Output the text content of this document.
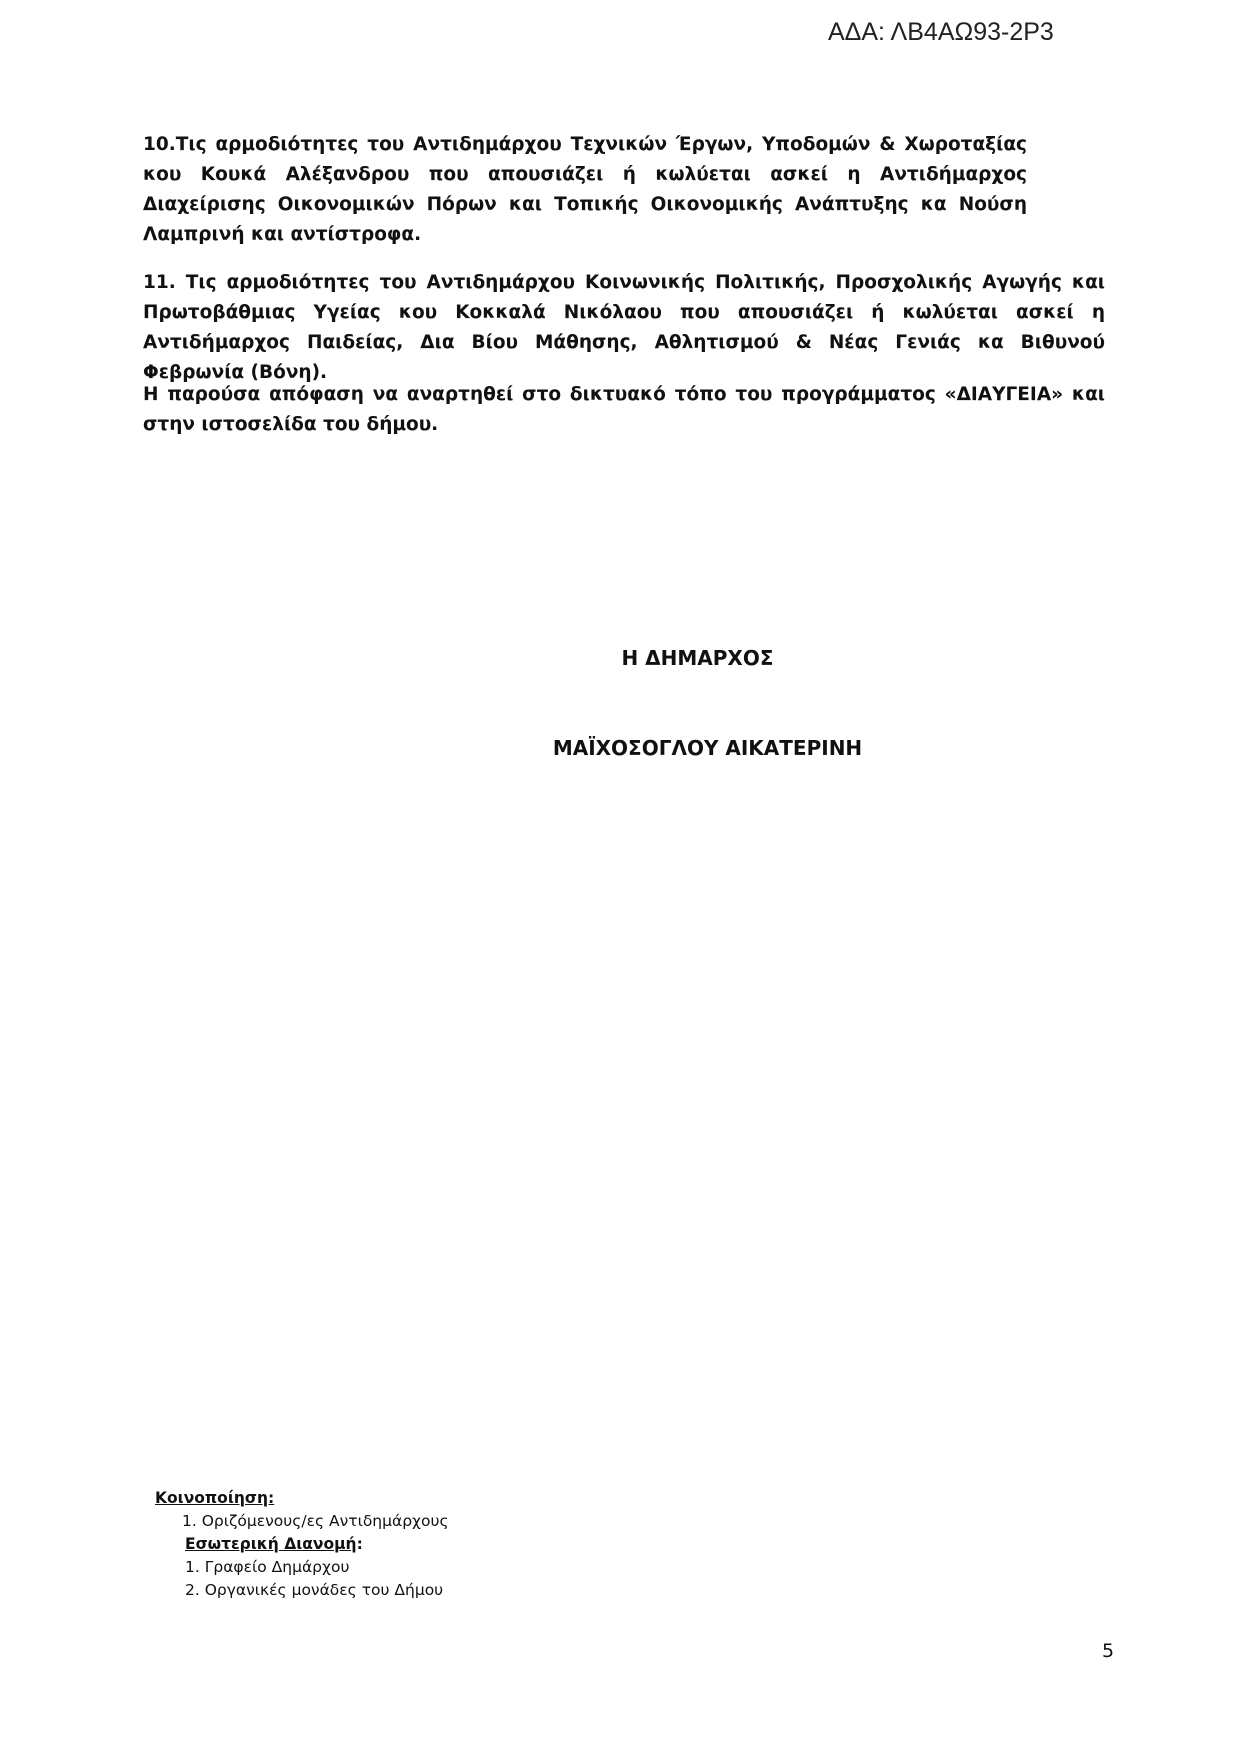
ΑΔΑ: ΛΒ4ΑΩ93-2Ρ3

10.Τις αρμοδιότητες του Αντιδημάρχου Τεχνικών Έργων, Υποδομών & Χωροταξίας κου Κουκά Αλέξανδρου που απουσιάζει ή κωλύεται ασκεί η Αντιδήμαρχος Διαχείρισης Οικονομικών Πόρων και Τοπικής Οικονομικής Ανάπτυξης κα Νούση Λαμπρινή και αντίστροφα.

11. Τις αρμοδιότητες του Αντιδημάρχου Κοινωνικής Πολιτικής, Προσχολικής Αγωγής και Πρωτοβάθμιας Υγείας κου Κοκκαλά Νικόλαου που απουσιάζει ή κωλύεται ασκεί η Αντιδήμαρχος Παιδείας, Δια Βίου Μάθησης, Αθλητισμού & Νέας Γενιάς κα Βιθυνού Φεβρωνία (Βόνη).

Η παρούσα απόφαση να αναρτηθεί στο δικτυακό τόπο του προγράμματος «ΔΙΑΥΓΕΙΑ» και στην ιστοσελίδα του δήμου.

Η ΔΗΜΑΡΧΟΣ
ΜΑΪΧΟΣΟΓΛΟΥ ΑΙΚΑΤΕΡΙΝΗ
Κοινοποίηση:
1. Οριζόμενους/ες Αντιδημάρχους
Εσωτερική Διανομή:
1. Γραφείο Δημάρχου
2. Οργανικές μονάδες του Δήμου
5
